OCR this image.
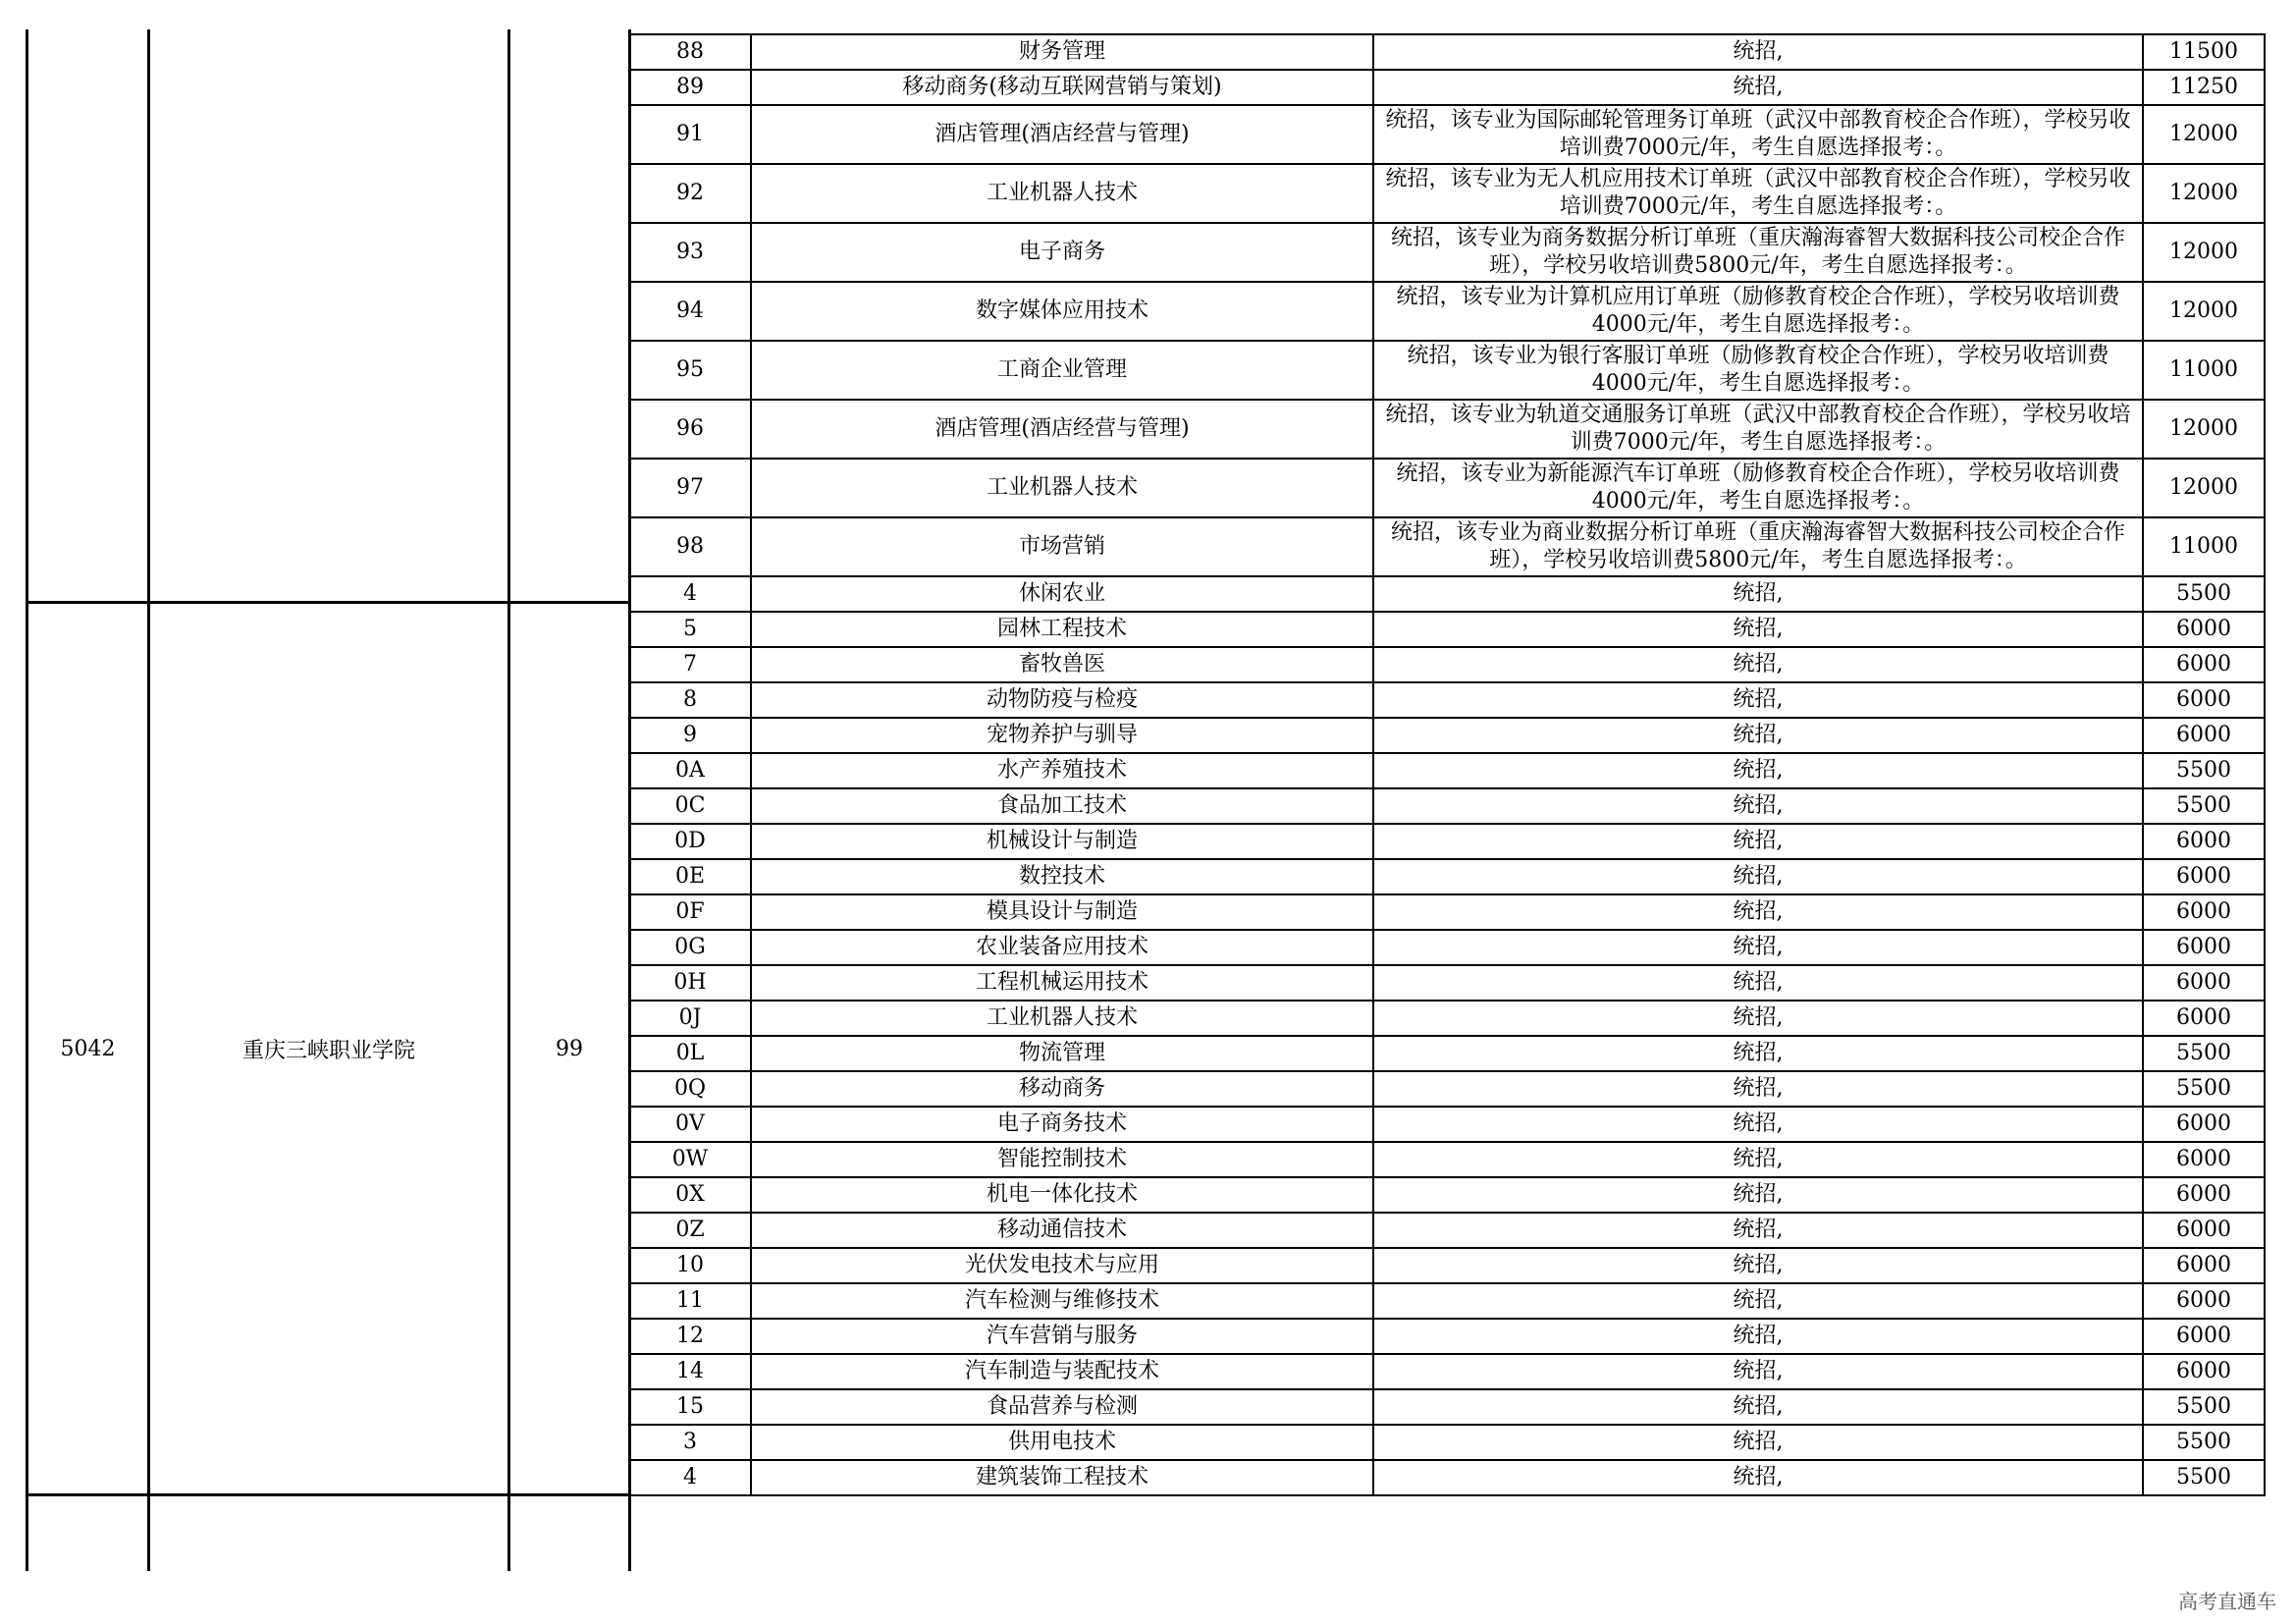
5042	重庆三峡职业学院	99
88	财务管理	统招,	11500
89	移动商务(移动互联网营销与策划)	统招,	11250
91	酒店管理(酒店经营与管理)	统招，该专业为国际邮轮管理务订单班（武汉中部教育校企合作班），学校另收培训费7000元/年，考生自愿选择报考：。	12000
92	工业机器人技术	统招，该专业为无人机应用技术订单班（武汉中部教育校企合作班），学校另收培训费7000元/年，考生自愿选择报考：。	12000
93	电子商务	统招，该专业为商务数据分析订单班（重庆瀚海睿智大数据科技公司校企合作班），学校另收培训费5800元/年，考生自愿选择报考：。	12000
94	数字媒体应用技术	统招，该专业为计算机应用订单班（励修教育校企合作班），学校另收培训费4000元/年，考生自愿选择报考：。	12000
95	工商企业管理	统招，该专业为银行客服订单班（励修教育校企合作班），学校另收培训费4000元/年，考生自愿选择报考：。	11000
96	酒店管理(酒店经营与管理)	统招，该专业为轨道交通服务订单班（武汉中部教育校企合作班），学校另收培训费7000元/年，考生自愿选择报考：。	12000
97	工业机器人技术	统招，该专业为新能源汽车订单班（励修教育校企合作班），学校另收培训费4000元/年，考生自愿选择报考：。	12000
98	市场营销	统招，该专业为商业数据分析订单班（重庆瀚海睿智大数据科技公司校企合作班），学校另收培训费5800元/年，考生自愿选择报考：。	11000
4	休闲农业	统招,	5500
5	园林工程技术	统招,	6000
7	畜牧兽医	统招,	6000
8	动物防疫与检疫	统招,	6000
9	宠物养护与驯导	统招,	6000
0A	水产养殖技术	统招,	5500
0C	食品加工技术	统招,	5500
0D	机械设计与制造	统招,	6000
0E	数控技术	统招,	6000
0F	模具设计与制造	统招,	6000
0G	农业装备应用技术	统招,	6000
0H	工程机械运用技术	统招,	6000
0J	工业机器人技术	统招,	6000
0L	物流管理	统招,	5500
0Q	移动商务	统招,	5500
0V	电子商务技术	统招,	6000
0W	智能控制技术	统招,	6000
0X	机电一体化技术	统招,	6000
0Z	移动通信技术	统招,	6000
10	光伏发电技术与应用	统招,	6000
11	汽车检测与维修技术	统招,	6000
12	汽车营销与服务	统招,	6000
14	汽车制造与装配技术	统招,	6000
15	食品营养与检测	统招,	5500
3	供用电技术	统招,	5500
4	建筑装饰工程技术	统招,	5500
高考直通车
